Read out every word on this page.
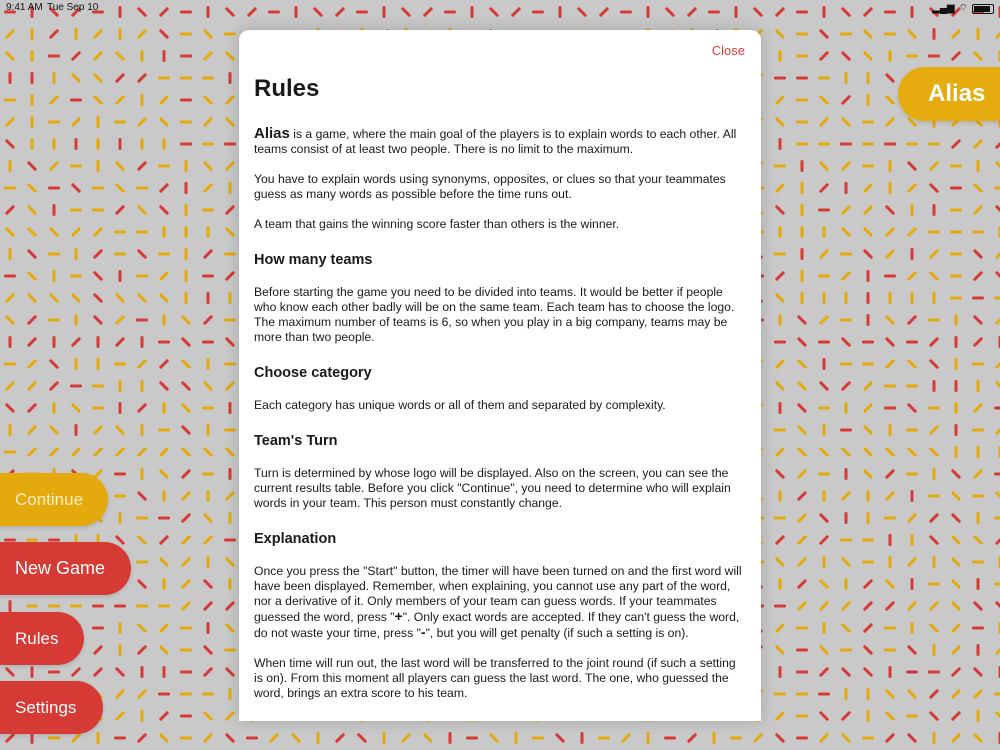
9:41 AM Tue Sep 10	▂▄▆ ⌔
Alias
Continue
New Game
Rules
Settings
Close
Rules

Alias is a game, where the main goal of the players is to explain words to each other. All teams consist of at least two people. There is no limit to the maximum.

You have to explain words using synonyms, opposites, or clues so that your teammates guess as many words as possible before the time runs out.

A team that gains the winning score faster than others is the winner.

How many teams

Before starting the game you need to be divided into teams. It would be better if people who know each other badly will be on the same team. Each team has to choose the logo. The maximum number of teams is 6, so when you play in a big company, teams may be more than two people.

Choose category

Each category has unique words or all of them and separated by complexity.

Team's Turn

Turn is determined by whose logo will be displayed. Also on the screen, you can see the current results table. Before you click "Continue", you need to determine who will explain words in your team. This person must constantly change.

Explanation

Once you press the "Start" button, the timer will have been turned on and the first word will have been displayed. Remember, when explaining, you cannot use any part of the word, nor a derivative of it. Only members of your team can guess words. If your teammates guessed the word, press "+". Only exact words are accepted. If they can't guess the word, do not waste your time, press "-", but you will get penalty (if such a setting is on).

When time will run out, the last word will be transferred to the joint round (if such a setting is on). From this moment all players can guess the last word. The one, who guessed the word, brings an extra score to his team.
